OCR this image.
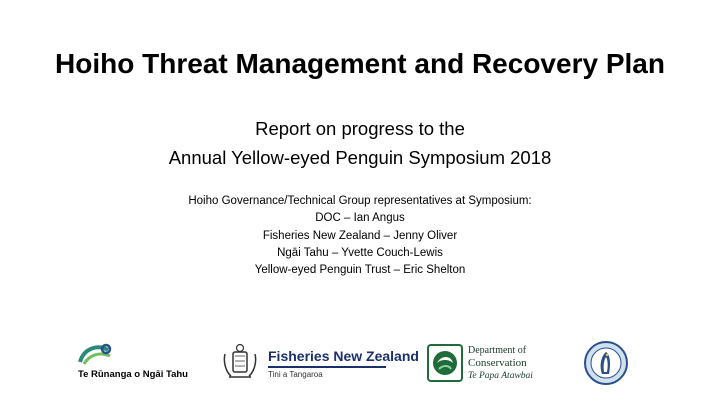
Hoiho Threat Management and Recovery Plan
Report on progress to the
Annual Yellow-eyed Penguin Symposium 2018
Hoiho Governance/Technical Group representatives at Symposium:
DOC – Ian Angus
Fisheries New Zealand – Jenny Oliver
Ngāi Tahu – Yvette Couch-Lewis
Yellow-eyed Penguin Trust – Eric Shelton
Te Rūnanga o Ngāi Tahu
Fisheries New Zealand
Tini a Tangaroa
Department of
Conservation
Te Papa Atawbai
